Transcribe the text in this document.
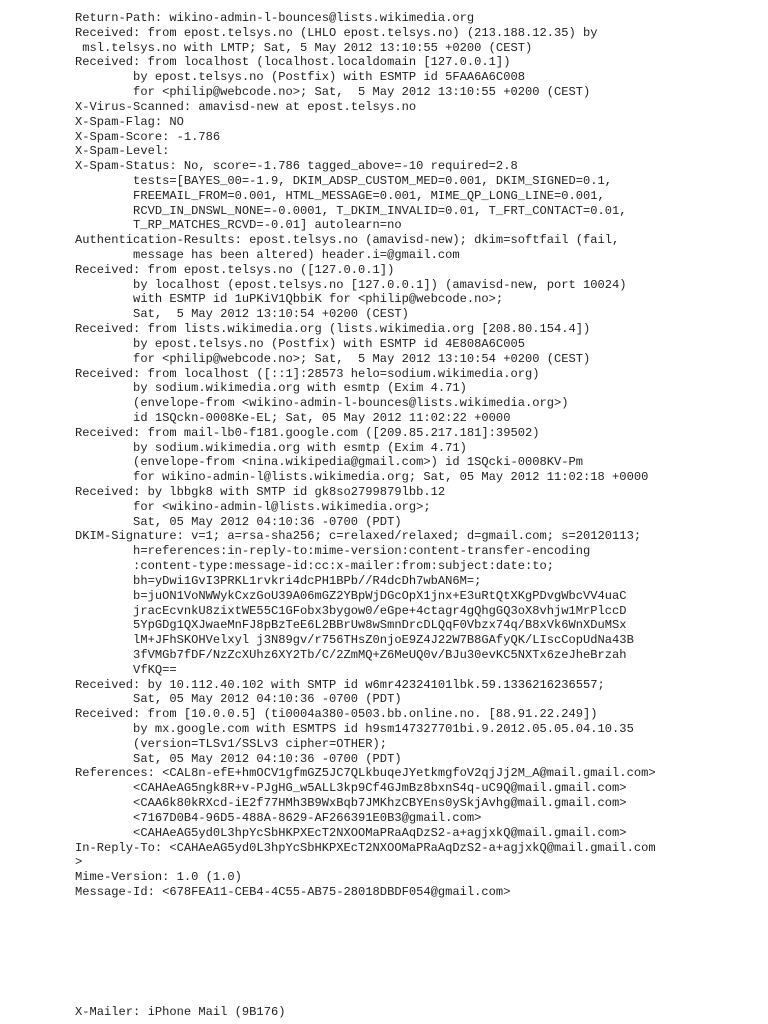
Return-Path: wikino-admin-l-bounces@lists.wikimedia.org
Received: from epost.telsys.no (LHLO epost.telsys.no) (213.188.12.35) by
msl.telsys.no with LMTP; Sat, 5 May 2012 13:10:55 +0200 (CEST)
Received: from localhost (localhost.localdomain [127.0.0.1])
by epost.telsys.no (Postfix) with ESMTP id 5FAA6A6C008
for <philip@webcode.no>; Sat,  5 May 2012 13:10:55 +0200 (CEST)
X-Virus-Scanned: amavisd-new at epost.telsys.no
X-Spam-Flag: NO
X-Spam-Score: -1.786
X-Spam-Level:
X-Spam-Status: No, score=-1.786 tagged_above=-10 required=2.8
tests=[BAYES_00=-1.9, DKIM_ADSP_CUSTOM_MED=0.001, DKIM_SIGNED=0.1,
FREEMAIL_FROM=0.001, HTML_MESSAGE=0.001, MIME_QP_LONG_LINE=0.001,
RCVD_IN_DNSWL_NONE=-0.0001, T_DKIM_INVALID=0.01, T_FRT_CONTACT=0.01,
T_RP_MATCHES_RCVD=-0.01] autolearn=no
Authentication-Results: epost.telsys.no (amavisd-new); dkim=softfail (fail,
message has been altered) header.i=@gmail.com
Received: from epost.telsys.no ([127.0.0.1])
by localhost (epost.telsys.no [127.0.0.1]) (amavisd-new, port 10024)
with ESMTP id 1uPKiV1QbbiK for <philip@webcode.no>;
Sat,  5 May 2012 13:10:54 +0200 (CEST)
Received: from lists.wikimedia.org (lists.wikimedia.org [208.80.154.4])
by epost.telsys.no (Postfix) with ESMTP id 4E808A6C005
for <philip@webcode.no>; Sat,  5 May 2012 13:10:54 +0200 (CEST)
Received: from localhost ([::1]:28573 helo=sodium.wikimedia.org)
by sodium.wikimedia.org with esmtp (Exim 4.71)
(envelope-from <wikino-admin-l-bounces@lists.wikimedia.org>)
id 1SQckn-0008Ke-EL; Sat, 05 May 2012 11:02:22 +0000
Received: from mail-lb0-f181.google.com ([209.85.217.181]:39502)
by sodium.wikimedia.org with esmtp (Exim 4.71)
(envelope-from <nina.wikipedia@gmail.com>) id 1SQcki-0008KV-Pm
for wikino-admin-l@lists.wikimedia.org; Sat, 05 May 2012 11:02:18 +0000
Received: by lbbgk8 with SMTP id gk8so2799879lbb.12
for <wikino-admin-l@lists.wikimedia.org>;
Sat, 05 May 2012 04:10:36 -0700 (PDT)
DKIM-Signature: v=1; a=rsa-sha256; c=relaxed/relaxed; d=gmail.com; s=20120113;
h=references:in-reply-to:mime-version:content-transfer-encoding
:content-type:message-id:cc:x-mailer:from:subject:date:to;
bh=yDwi1GvI3PRKL1rvkri4dcPH1BPb//R4dcDh7wbAN6M=;
b=juON1VoNWWykCxzGoU39A06mGZ2YBpWjDGcOpX1jnx+E3uRtQtXKgPDvgWbcVV4uaC
jracEcvnkU8zixtWE55C1GFobx3bygow0/eGpe+4ctagr4gQhgGQ3oX8vhjw1MrPlccD
5YpGDg1QXJwaeMnFJ8pBzTeE6L2BBrUw8wSmnDrcDLQqF0Vbzx74q/B8xVk6WnXDuMSx
lM+JFhSKOHVelxyl j3N89gv/r756THsZ0njoE9Z4J22W7B8GAfyQK/LIscCopUdNa43B
3fVMGb7fDF/NzZcXUhz6XY2Tb/C/2ZmMQ+Z6MeUQ0v/BJu30evKC5NXTx6zeJheBrzah
VfKQ==
Received: by 10.112.40.102 with SMTP id w6mr42324101lbk.59.1336216236557;
Sat, 05 May 2012 04:10:36 -0700 (PDT)
Received: from [10.0.0.5] (ti0004a380-0503.bb.online.no. [88.91.22.249])
by mx.google.com with ESMTPS id h9sm147327701bi.9.2012.05.05.04.10.35
(version=TLSv1/SSLv3 cipher=OTHER);
Sat, 05 May 2012 04:10:36 -0700 (PDT)
References: <CAL8n-efE+hmOCV1gfmGZ5JC7QLkbuqeJYetkmgfoV2qjJj2M_A@mail.gmail.com>
<CAHAeAG5ngk8R+v-PJgHG_w5ALL3kp9Cf4GJmBz8bxnS4q-uC9Q@mail.gmail.com>
<CAA6k80kRXcd-iE2f77HMh3B9WxBqb7JMKhzCBYEns0ySkjAvhg@mail.gmail.com>
<7167D0B4-96D5-488A-8629-AF266391E0B3@gmail.com>
<CAHAeAG5yd0L3hpYcSbHKPXEcT2NXOOMaPRaAqDzS2-a+agjxkQ@mail.gmail.com>
In-Reply-To: <CAHAeAG5yd0L3hpYcSbHKPXEcT2NXOOMaPRaAqDzS2-a+agjxkQ@mail.gmail.com
>
Mime-Version: 1.0 (1.0)
Message-Id: <678FEA11-CEB4-4C55-AB75-28018DBDF054@gmail.com>
X-Mailer: iPhone Mail (9B176)
